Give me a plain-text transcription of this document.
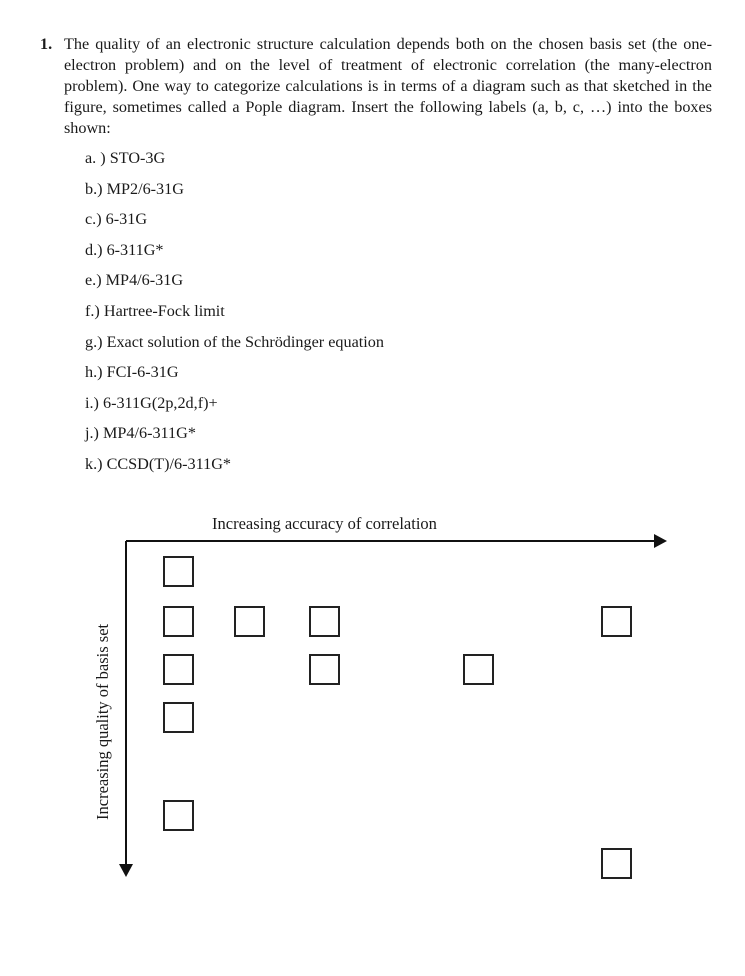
1. The quality of an electronic structure calculation depends both on the chosen basis set (the one-electron problem) and on the level of treatment of electronic correlation (the many-electron problem). One way to categorize calculations is in terms of a diagram such as that sketched in the figure, sometimes called a Pople diagram. Insert the following labels (a, b, c, …) into the boxes shown:
a. ) STO-3G
b.) MP2/6-31G
c.) 6-31G
d.) 6-311G*
e.) MP4/6-31G
f.) Hartree-Fock limit
g.) Exact solution of the Schrödinger equation
h.) FCI-6-31G
i.) 6-311G(2p,2d,f)+
j.) MP4/6-311G*
k.) CCSD(T)/6-311G*
Increasing accuracy of correlation
Increasing quality of basis set
